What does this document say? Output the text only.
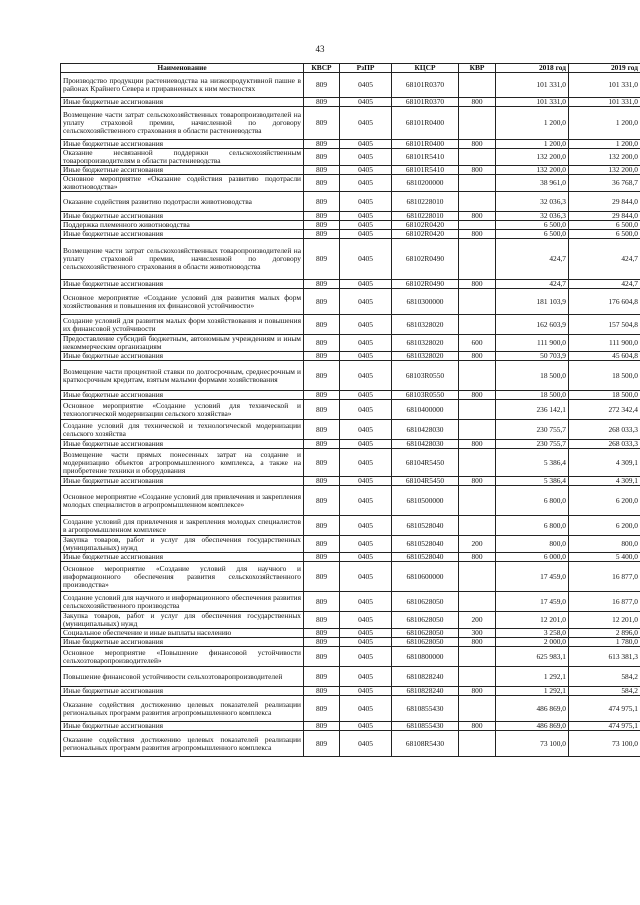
43
Наименование	КВСР	РзПР	КЦСР	КВР	2018 год	2019 год
Производство продукции растениеводства на низкопродуктивной пашне в районах Крайнего Севера и приравненных к ним местностях	809	0405	68101R0370		101 331,0	101 331,0
Иные бюджетные ассигнования	809	0405	68101R0370	800	101 331,0	101 331,0
Возмещение части затрат сельскохозяйственных товаропроизводителей на уплату страховой премии, начисленной по договору сельскохозяйственного страхования в области растениеводства	809	0405	68101R0400		1 200,0	1 200,0
Иные бюджетные ассигнования	809	0405	68101R0400	800	1 200,0	1 200,0
Оказание несвязанной поддержки сельскохозяйственным товаропроизводителям в области растениеводства	809	0405	68101R5410		132 200,0	132 200,0
Иные бюджетные ассигнования	809	0405	68101R5410	800	132 200,0	132 200,0
Основное мероприятие «Оказание содействия развитию подотрасли животноводства»	809	0405	6810200000		38 961,0	36 768,7
Оказание содействия развитию подотрасли животноводства	809	0405	6810228010		32 036,3	29 844,0
Иные бюджетные ассигнования	809	0405	6810228010	800	32 036,3	29 844,0
Поддержка племенного животноводства	809	0405	68102R0420		6 500,0	6 500,0
Иные бюджетные ассигнования	809	0405	68102R0420	800	6 500,0	6 500,0
Возмещение части затрат сельскохозяйственных товаропроизводителей на уплату страховой премии, начисленной по договору сельскохозяйственного страхования в области животноводства	809	0405	68102R0490		424,7	424,7
Иные бюджетные ассигнования	809	0405	68102R0490	800	424,7	424,7
Основное мероприятие «Создание условий для развития малых форм хозяйствования и повышения их финансовой устойчивости»	809	0405	6810300000		181 103,9	176 604,8
Создание условий для развития малых форм хозяйствования и повышения их финансовой устойчивости	809	0405	6810328020		162 603,9	157 504,8
Предоставление субсидий бюджетным, автономным учреждениям и иным некоммерческим организациям	809	0405	6810328020	600	111 900,0	111 900,0
Иные бюджетные ассигнования	809	0405	6810328020	800	50 703,9	45 604,8
Возмещение части процентной ставки по долгосрочным, среднесрочным и краткосрочным кредитам, взятым малыми формами хозяйствования	809	0405	68103R0550		18 500,0	18 500,0
Иные бюджетные ассигнования	809	0405	68103R0550	800	18 500,0	18 500,0
Основное мероприятие «Создание условий для технической и технологической модернизации сельского хозяйства»	809	0405	6810400000		236 142,1	272 342,4
Создание условий для технической и технологической модернизации сельского хозяйства	809	0405	6810428030		230 755,7	268 033,3
Иные бюджетные ассигнования	809	0405	6810428030	800	230 755,7	268 033,3
Возмещение части прямых понесенных затрат на создание и модернизацию объектов агропромышленного комплекса, а также на приобретение техники и оборудования	809	0405	68104R5450		5 386,4	4 309,1
Иные бюджетные ассигнования	809	0405	68104R5450	800	5 386,4	4 309,1
Основное мероприятие «Создание условий для привлечения и закрепления молодых специалистов в агропромышленном комплексе»	809	0405	6810500000		6 800,0	6 200,0
Создание условий для привлечения и закрепления молодых специалистов в агропромышленном комплексе	809	0405	6810528040		6 800,0	6 200,0
Закупка товаров, работ и услуг для обеспечения государственных (муниципальных) нужд	809	0405	6810528040	200	800,0	800,0
Иные бюджетные ассигнования	809	0405	6810528040	800	6 000,0	5 400,0
Основное мероприятие «Создание условий для научного и информационного обеспечения развития сельскохозяйственного производства»	809	0405	6810600000		17 459,0	16 877,0
Создание условий для научного и информационного обеспечения развития сельскохозяйственного производства	809	0405	6810628050		17 459,0	16 877,0
Закупка товаров, работ и услуг для обеспечения государственных (муниципальных) нужд	809	0405	6810628050	200	12 201,0	12 201,0
Социальное обеспечение и иные выплаты населению	809	0405	6810628050	300	3 258,0	2 896,0
Иные бюджетные ассигнования	809	0405	6810628050	800	2 000,0	1 780,0
Основное мероприятие «Повышение финансовой устойчивости сельхозтоваропроизводителей»	809	0405	6810800000		625 983,1	613 381,3
Повышение финансовой устойчивости сельхозтоваропроизводителей	809	0405	6810828240		1 292,1	584,2
Иные бюджетные ассигнования	809	0405	6810828240	800	1 292,1	584,2
Оказание содействия достижению целевых показателей реализации региональных программ развития агропромышленного комплекса	809	0405	6810855430		486 869,0	474 975,1
Иные бюджетные ассигнования	809	0405	6810855430	800	486 869,0	474 975,1
Оказание содействия достижению целевых показателей реализации региональных программ развития агропромышленного комплекса	809	0405	68108R5430		73 100,0	73 100,0
